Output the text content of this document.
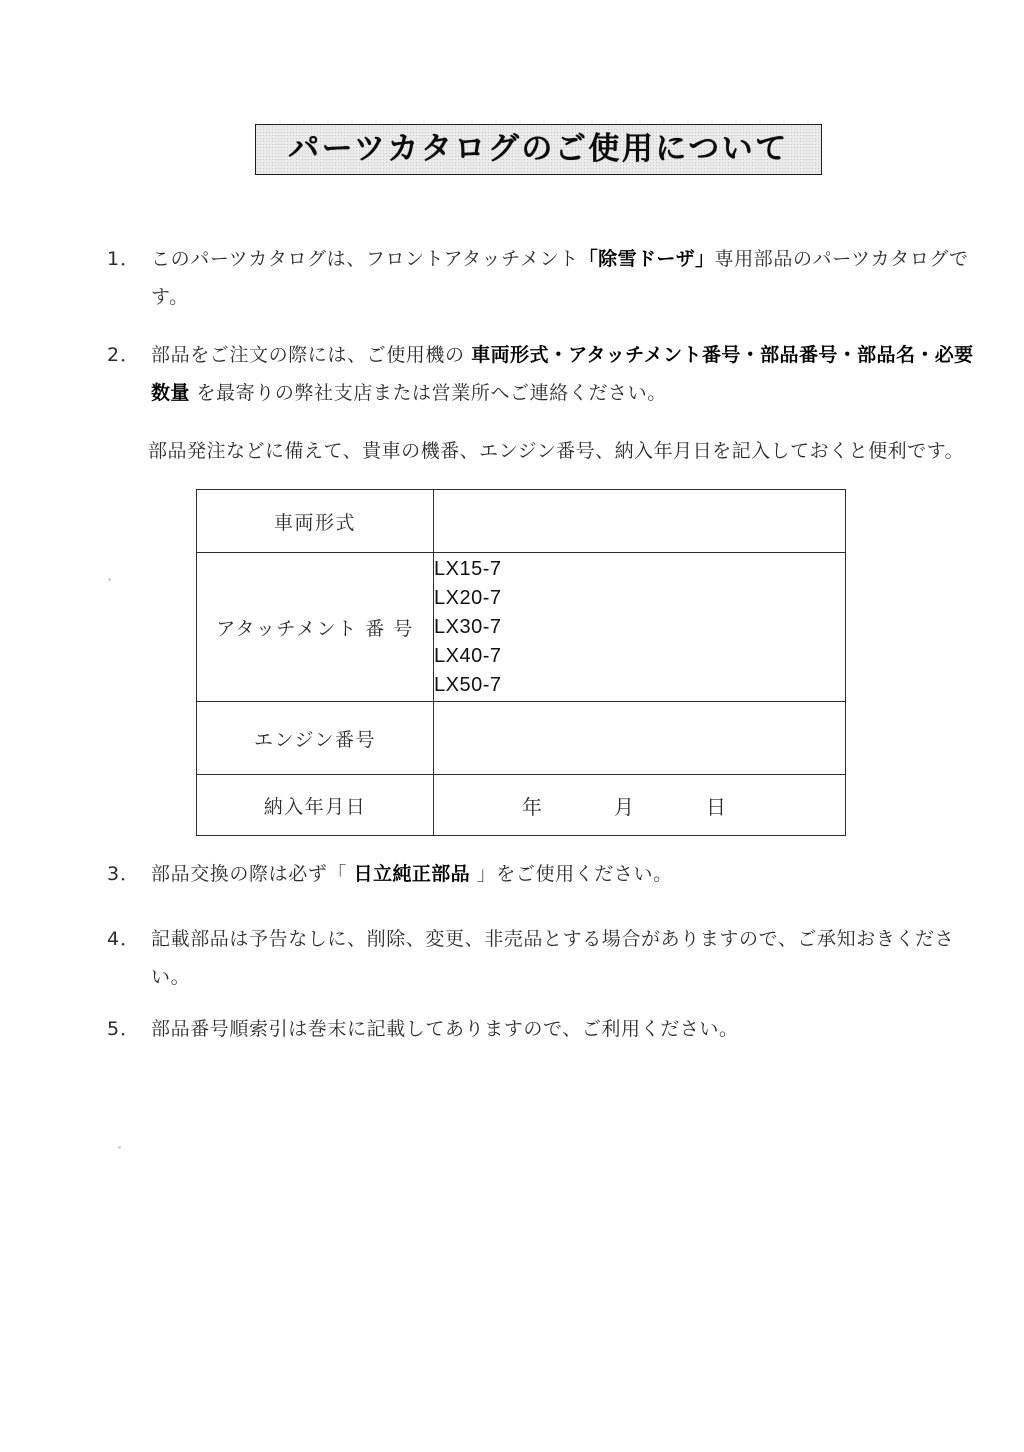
パーツカタログのご使用について
1． このパーツカタログは、フロントアタッチメント「除雪ドーザ」専用部品のパーツカタログです。
2． 部品をご注文の際には、ご使用機の 車両形式・アタッチメント番号・部品番号・部品名・必要数量 を最寄りの弊社支店または営業所へご連絡ください。
部品発注などに備えて、貴車の機番、エンジン番号、納入年月日を記入しておくと便利です。
車両形式	
アタッチメント 番 号	LX15-7
LX20-7
LX30-7
LX40-7
LX50-7

エンジン番号	
納入年月日	年 月 日
3． 部品交換の際は必ず「 日立純正部品 」をご使用ください。
4． 記載部品は予告なしに、削除、変更、非売品とする場合がありますので、ご承知おきください。
5． 部品番号順索引は巻末に記載してありますので、ご利用ください。
